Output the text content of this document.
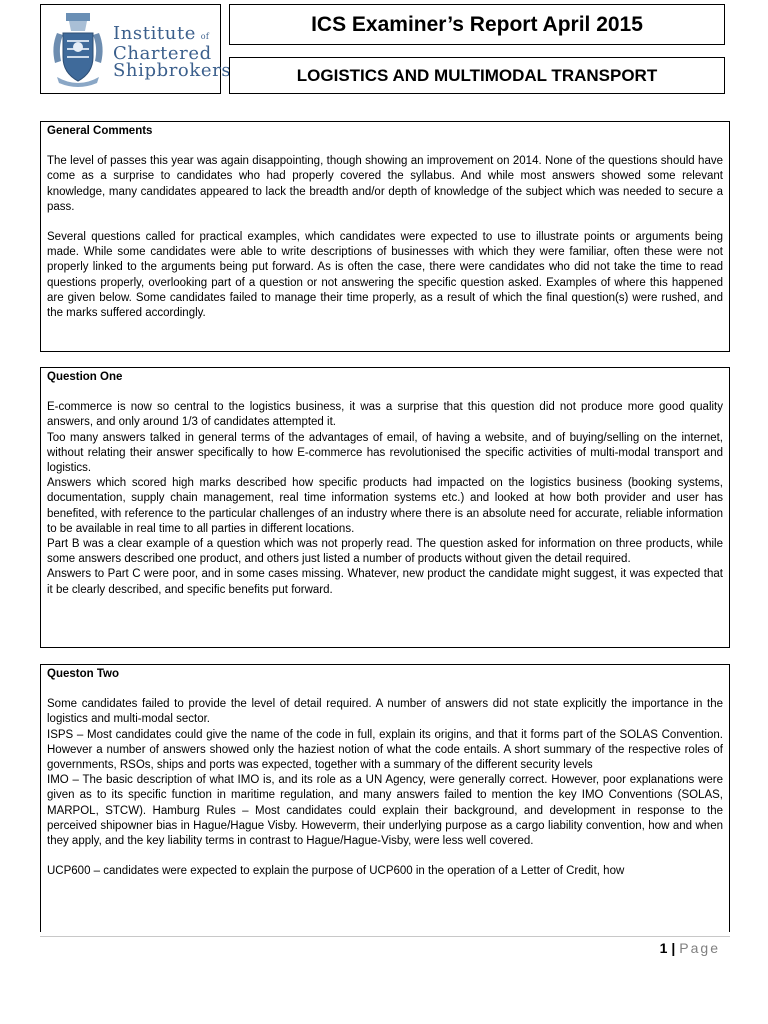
Institute of
Chartered
Shipbrokers
ICS Examiner’s Report April 2015
LOGISTICS AND MULTIMODAL TRANSPORT
General Comments

The level of passes this year was again disappointing, though showing an improvement on 2014. None of the questions should have come as a surprise to candidates who had properly covered the syllabus. And while most answers showed some relevant knowledge, many candidates appeared to lack the breadth and/or depth of knowledge of the subject which was needed to secure a pass.

Several questions called for practical examples, which candidates were expected to use to illustrate points or arguments being made. While some candidates were able to write descriptions of businesses with which they were familiar, often these were not properly linked to the arguments being put forward. As is often the case, there were candidates who did not take the time to read questions properly, overlooking part of a question or not answering the specific question asked. Examples of where this happened are given below. Some candidates failed to manage their time properly, as a result of which the final question(s) were rushed, and the marks suffered accordingly.

Question One

E-commerce is now so central to the logistics business, it was a surprise that this question did not produce more good quality answers, and only around 1/3 of candidates attempted it.

Too many answers talked in general terms of the advantages of email, of having a website, and of buying/selling on the internet, without relating their answer specifically to how E-commerce has revolutionised the specific activities of multi-modal transport and logistics.

Answers which scored high marks described how specific products had impacted on the logistics business (booking systems, documentation, supply chain management, real time information systems etc.) and looked at how both provider and user has benefited, with reference to the particular challenges of an industry where there is an absolute need for accurate, reliable information to be available in real time to all parties in different locations.

Part B was a clear example of a question which was not properly read. The question asked for information on three products, while some answers described one product, and others just listed a number of products without given the detail required.

Answers to Part C were poor, and in some cases missing. Whatever, new product the candidate might suggest, it was expected that it be clearly described, and specific benefits put forward.

Queston Two

Some candidates failed to provide the level of detail required. A number of answers did not state explicitly the importance in the logistics and multi-modal sector.

ISPS – Most candidates could give the name of the code in full, explain its origins, and that it forms part of the SOLAS Convention. However a number of answers showed only the haziest notion of what the code entails. A short summary of the respective roles of governments, RSOs, ships and ports was expected, together with a summary of the different security levels

IMO – The basic description of what IMO is, and its role as a UN Agency, were generally correct. However, poor explanations were given as to its specific function in maritime regulation, and many answers failed to mention the key IMO Conventions (SOLAS, MARPOL, STCW). Hamburg Rules – Most candidates could explain their background, and development in response to the perceived shipowner bias in Hague/Hague Visby. Howeverm, their underlying purpose as a cargo liability convention, how and when they apply, and the key liability terms in contrast to Hague/Hague-Visby, were less well covered.

UCP600 – candidates were expected to explain the purpose of UCP600 in the operation of a Letter of Credit, how

1 | Page
